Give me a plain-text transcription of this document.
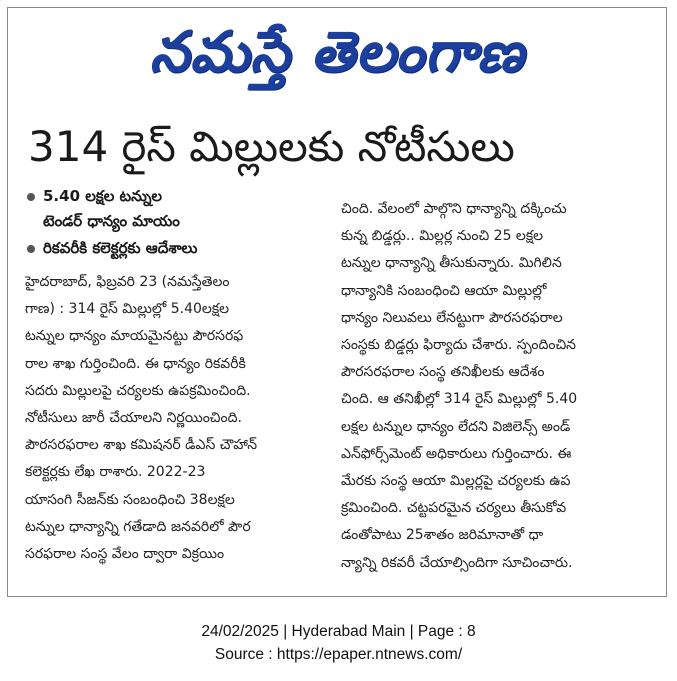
నమస్తే తెలంగాణ
314 రైస్ మిల్లులకు నోటీసులు
5.40 లక్షల టన్నుల
టెండర్ ధాన్యం మాయం
రికవరీకి కలెక్టర్లకు ఆదేశాలు
హైదరాబాద్, ఫిబ్రవరి 23 (నమస్తేతెలం
గాణ) : 314 రైస్ మిల్లుల్లో 5.40లక్షల
టన్నుల ధాన్యం మాయమైనట్టు పౌరసరఫ
రాల శాఖ గుర్తించింది. ఈ ధాన్యం రికవరీకి
సదరు మిల్లులపై చర్యలకు ఉపక్రమించింది.
నోటీసులు జారీ చేయాలని నిర్ణయించింది.
పౌరసరఫరాల శాఖ కమిషనర్ డీఎస్ చౌహాన్
కలెక్టర్లకు లేఖ రాశారు. 2022-23
యాసంగి సీజన్‌కు సంబంధించి 38లక్షల
టన్నుల ధాన్యాన్ని గతేడాది జనవరిలో పౌర
సరఫరాల సంస్థ వేలం ద్వారా విక్రయిం
చింది. వేలంలో పాల్గొని ధాన్యాన్ని దక్కించు
కున్న బిడ్డర్లు.. మిల్లర్ల నుంచి 25 లక్షల
టన్నుల ధాన్యాన్ని తీసుకున్నారు. మిగిలిన
ధాన్యానికి సంబంధించి ఆయా మిల్లుల్లో
ధాన్యం నిలువలు లేనట్టుగా పౌరసరఫరాల
సంస్థకు బిడ్డర్లు ఫిర్యాదు చేశారు. స్పందించిన
పౌరసరఫరాల సంస్థ తనిఖీలకు ఆదేశం
చింది. ఆ తనిఖీల్లో 314 రైస్ మిల్లుల్లో 5.40
లక్షల టన్నుల ధాన్యం లేదని విజిలెన్స్ అండ్
ఎన్‌ఫోర్స్‌మెంట్ అధికారులు గుర్తించారు. ఈ
మేరకు సంస్థ ఆయా మిల్లర్లపై చర్యలకు ఉప
క్రమించింది. చట్టపరమైన చర్యలు తీసుకోవ
డంతోపాటు 25శాతం జరిమానాతో ధా
న్యాన్ని రికవరీ చేయాల్సిందిగా సూచించారు.
24/02/2025 | Hyderabad Main | Page : 8
Source : https://epaper.ntnews.com/
